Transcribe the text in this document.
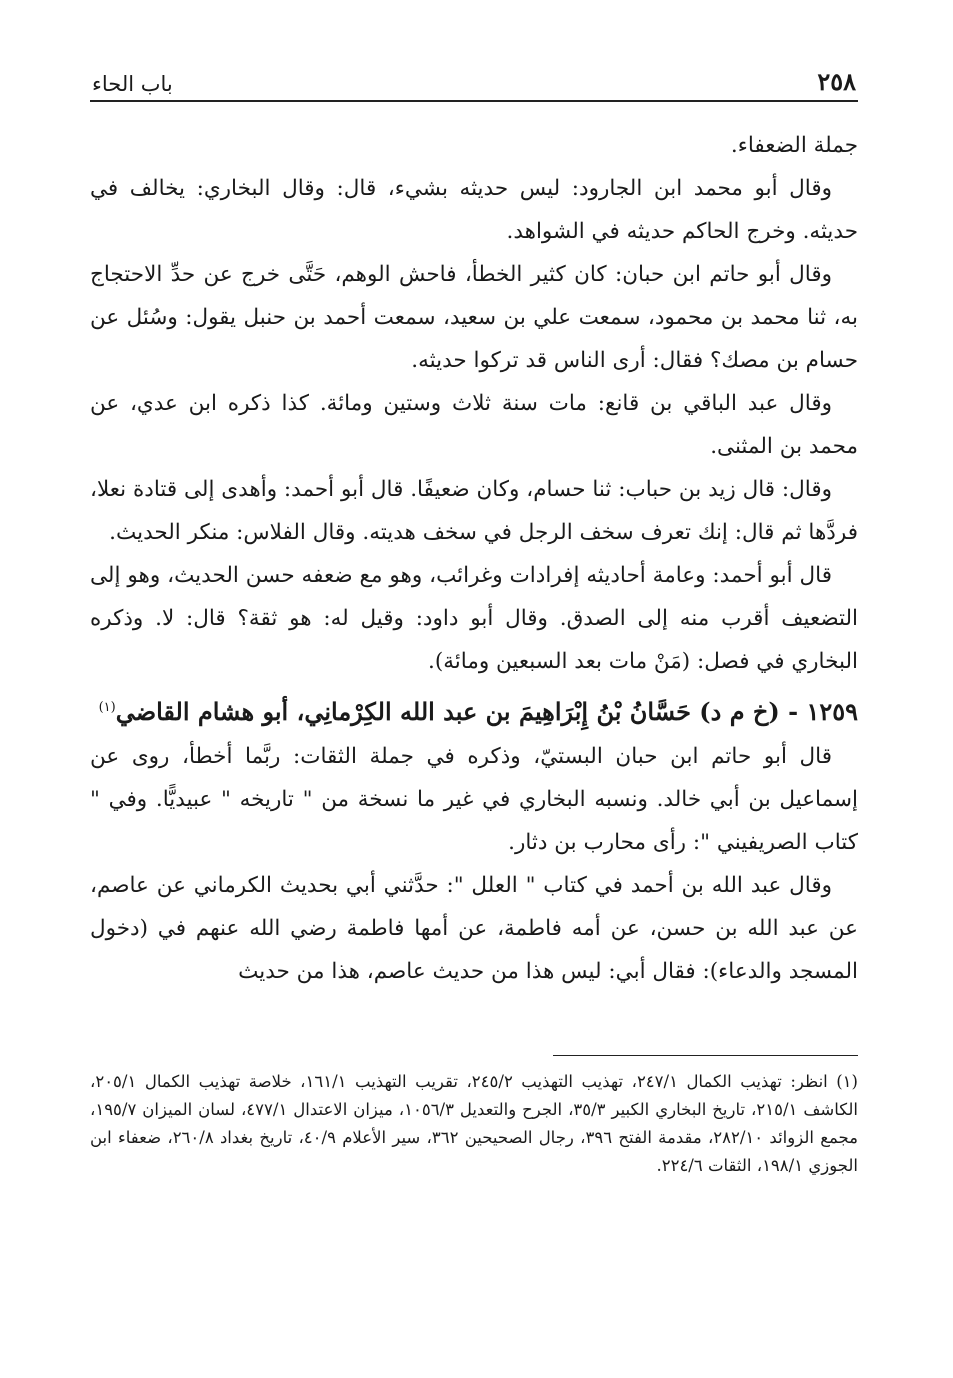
٢٥٨
باب الحاء

جملة الضعفاء.

وقال أبو محمد ابن الجارود: ليس حديثه بشيء، قال: وقال البخاري: يخالف في حديثه. وخرج الحاكم حديثه في الشواهد.

وقال أبو حاتم ابن حبان: كان كثير الخطأ، فاحش الوهم، حَتَّى خرج عن حدِّ الاحتجاج به، ثنا محمد بن محمود، سمعت علي بن سعيد، سمعت أحمد بن حنبل يقول: وسُئل عن حسام بن مصك؟ فقال: أرى الناس قد تركوا حديثه.

وقال عبد الباقي بن قانع: مات سنة ثلاث وستين ومائة. كذا ذكره ابن عدي، عن محمد بن المثنى.

وقال: قال زيد بن حباب: ثنا حسام، وكان ضعيفًا. قال أبو أحمد: وأهدى إلى قتادة نعلا، فردَّها ثم قال: إنك تعرف سخف الرجل في سخف هديته. وقال الفلاس: منكر الحديث.

قال أبو أحمد: وعامة أحاديثه إفرادات وغرائب، وهو مع ضعفه حسن الحديث، وهو إلى التضعيف أقرب منه إلى الصدق. وقال أبو داود: وقيل له: هو ثقة؟ قال: لا. وذكره البخاري في فصل: (مَنْ مات بعد السبعين ومائة).

١٢٥٩ - (خ م د) حَسَّانُ بْنُ إِبْرَاهِيمَ بن عبد الله الكِرْمانِي، أبو هشام القاضي$^{(١)}$

قال أبو حاتم ابن حبان البستيّ، وذكره في جملة الثقات: ربَّما أخطأ، روى عن إسماعيل بن أبي خالد. ونسبه البخاري في غير ما نسخة من " تاريخه " عبيديًّا. وفي " كتاب الصريفيني ": رأى محارب بن دثار.

وقال عبد الله بن أحمد في كتاب " العلل ": حدَّثني أبي بحديث الكرماني عن عاصم، عن عبد الله بن حسن، عن أمه فاطمة، عن أمها فاطمة رضي الله عنهم في (دخول المسجد والدعاء): فقال أبي: ليس هذا من حديث عاصم، هذا من حديث

(١) انظر: تهذيب الكمال ٢٤٧/١، تهذيب التهذيب ٢٤٥/٢، تقريب التهذيب ١٦١/١، خلاصة تهذيب الكمال ٢٠٥/١، الكاشف ٢١٥/١، تاريخ البخاري الكبير ٣٥/٣، الجرح والتعديل ١٠٥٦/٣، ميزان الاعتدال ٤٧٧/١، لسان الميزان ١٩٥/٧، مجمع الزوائد ٢٨٢/١٠، مقدمة الفتح ٣٩٦، رجال الصحيحين ٣٦٢، سير الأعلام ٤٠/٩، تاريخ بغداد ٢٦٠/٨، ضعفاء ابن الجوزي ١٩٨/١، الثقات ٢٢٤/٦.
